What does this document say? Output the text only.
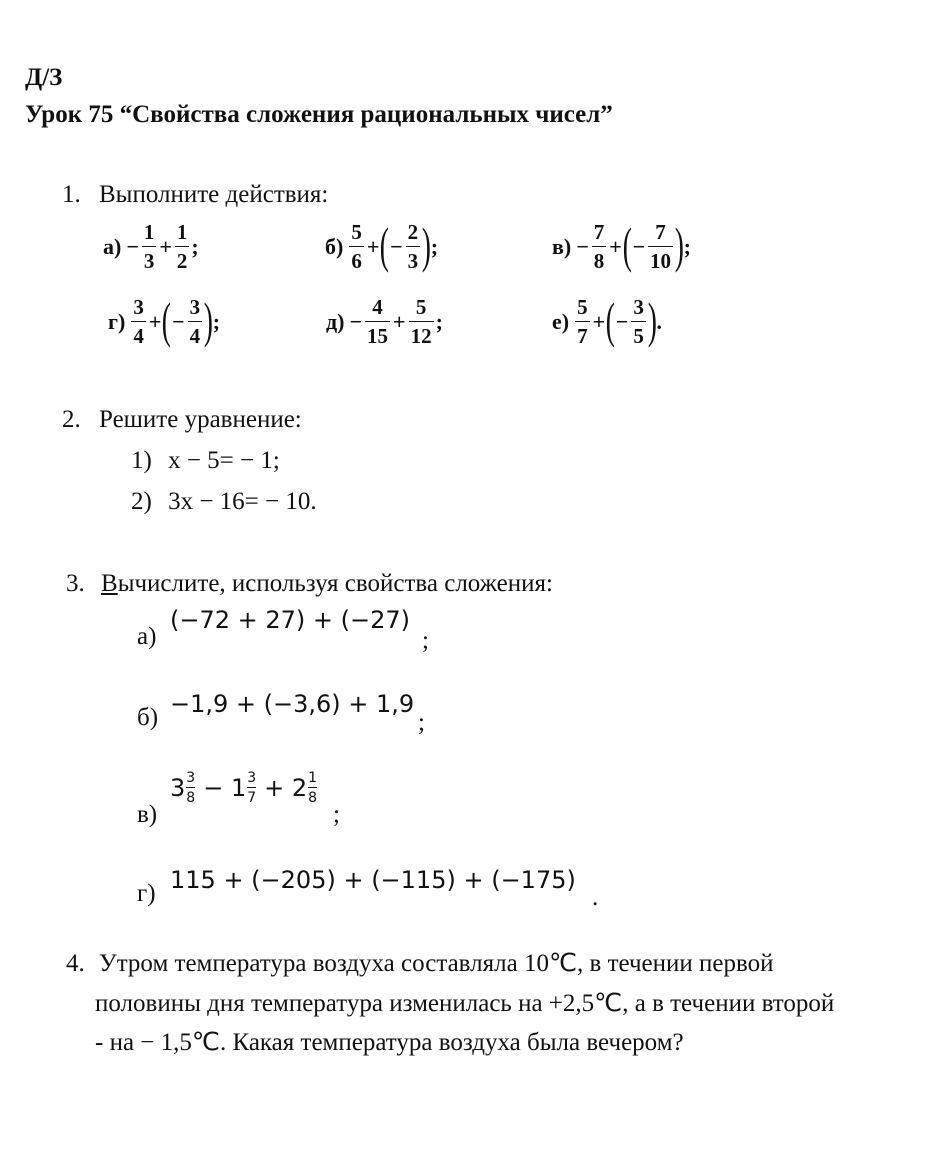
Д/З
Урок 75 “Свойства сложения рациональных чисел”
1. Выполните действия:
$а) - \frac{1}{3} + \frac{1}{2}$ ;	$б) \frac{5}{6}$ + ( − $\frac{2}{3}$ ) ;	$в) - \frac{7}{8}$ + ( − $\frac{7}{10}$ ) ;
$г) \frac{3}{4}$ + ( − $\frac{3}{4}$ ) ;	$д) - \frac{4}{15} + \frac{5}{12}$ ;	$е) \frac{5}{7}$ + ( − $\frac{3}{5}$ ) .
2. Решите уравнение:
1) x − 5= − 1;
2) 3x − 16= − 10.
3. Вычислите, используя свойства сложения:
а)
(−72 + 27) + (−27)
;
б) −1,9 + (−3,6) + 1,9
;
в)
3 3
8 − 1 3
7 + 2 1
8
;
г) 115 + (−205) + (−115) + (−175)
.
4. Утром температура воздуха составляла 10℃, в течении первой
половины дня температура изменилась на +2,5℃, а в течении второй
- на − 1,5℃. Какая температура воздуха была вечером?
